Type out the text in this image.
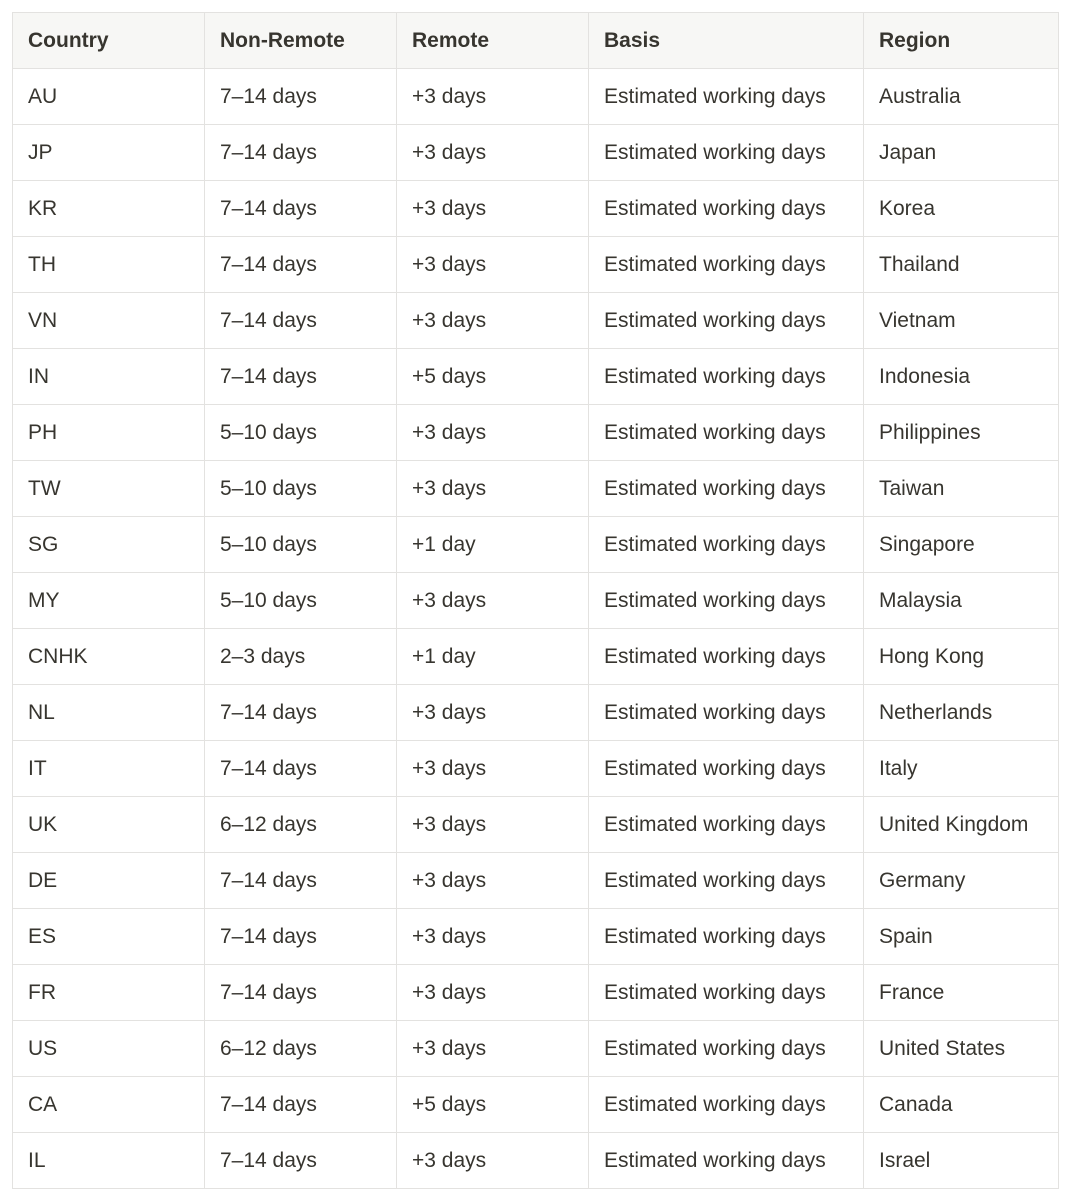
Country	Non-Remote	Remote	Basis	Region
AU	7–14 days	+3 days	Estimated working days	Australia
JP	7–14 days	+3 days	Estimated working days	Japan
KR	7–14 days	+3 days	Estimated working days	Korea
TH	7–14 days	+3 days	Estimated working days	Thailand
VN	7–14 days	+3 days	Estimated working days	Vietnam
IN	7–14 days	+5 days	Estimated working days	Indonesia
PH	5–10 days	+3 days	Estimated working days	Philippines
TW	5–10 days	+3 days	Estimated working days	Taiwan
SG	5–10 days	+1 day	Estimated working days	Singapore
MY	5–10 days	+3 days	Estimated working days	Malaysia
CNHK	2–3 days	+1 day	Estimated working days	Hong Kong
NL	7–14 days	+3 days	Estimated working days	Netherlands
IT	7–14 days	+3 days	Estimated working days	Italy
UK	6–12 days	+3 days	Estimated working days	United Kingdom
DE	7–14 days	+3 days	Estimated working days	Germany
ES	7–14 days	+3 days	Estimated working days	Spain
FR	7–14 days	+3 days	Estimated working days	France
US	6–12 days	+3 days	Estimated working days	United States
CA	7–14 days	+5 days	Estimated working days	Canada
IL	7–14 days	+3 days	Estimated working days	Israel
